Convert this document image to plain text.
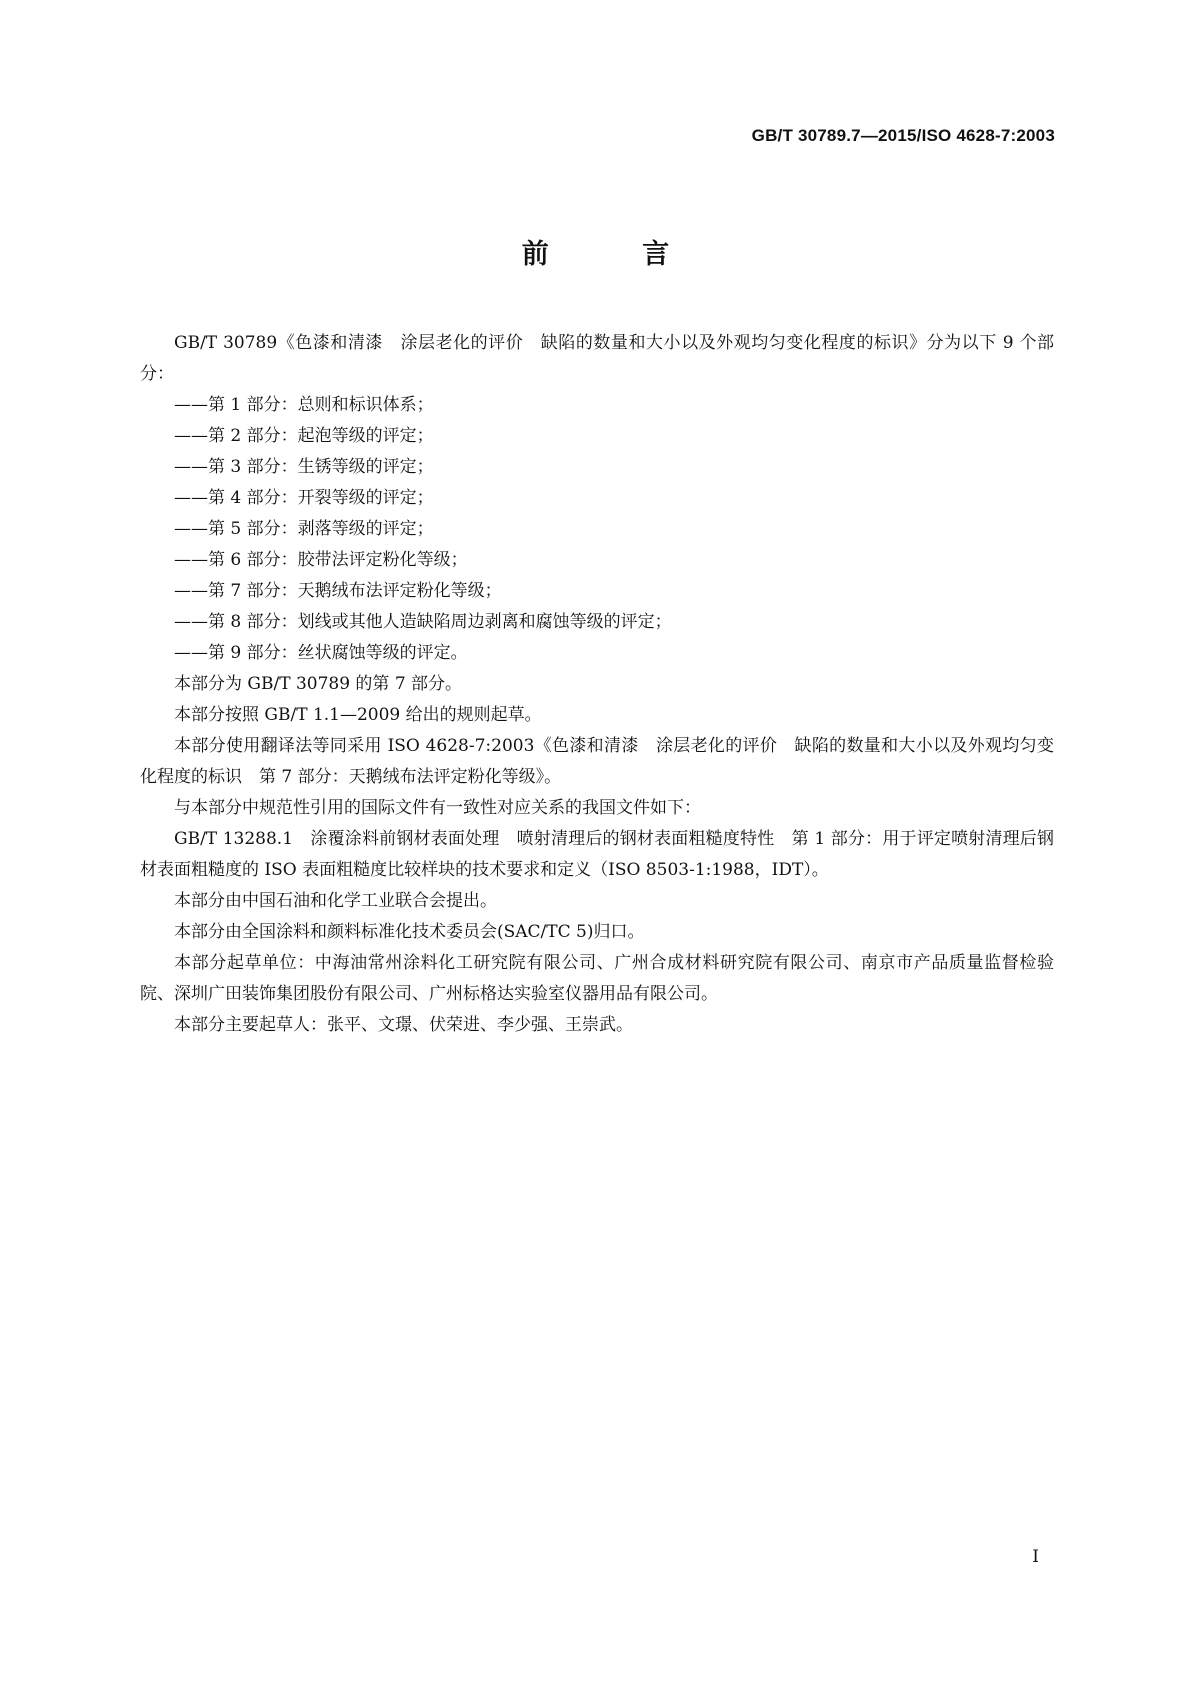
GB/T 30789.7—2015/ISO 4628-7:2003
前 言

GB/T 30789《色漆和清漆　涂层老化的评价　缺陷的数量和大小以及外观均匀变化程度的标识》分为以下 9 个部分：

——第 1 部分：总则和标识体系；

——第 2 部分：起泡等级的评定；

——第 3 部分：生锈等级的评定；

——第 4 部分：开裂等级的评定；

——第 5 部分：剥落等级的评定；

——第 6 部分：胶带法评定粉化等级；

——第 7 部分：天鹅绒布法评定粉化等级；

——第 8 部分：划线或其他人造缺陷周边剥离和腐蚀等级的评定；

——第 9 部分：丝状腐蚀等级的评定。

本部分为 GB/T 30789 的第 7 部分。

本部分按照 GB/T 1.1—2009 给出的规则起草。

本部分使用翻译法等同采用 ISO 4628-7:2003《色漆和清漆　涂层老化的评价　缺陷的数量和大小以及外观均匀变化程度的标识　第 7 部分：天鹅绒布法评定粉化等级》。

与本部分中规范性引用的国际文件有一致性对应关系的我国文件如下：

GB/T 13288.1　涂覆涂料前钢材表面处理　喷射清理后的钢材表面粗糙度特性　第 1 部分：用于评定喷射清理后钢材表面粗糙度的 ISO 表面粗糙度比较样块的技术要求和定义（ISO 8503-1:1988，IDT）。

本部分由中国石油和化学工业联合会提出。

本部分由全国涂料和颜料标准化技术委员会(SAC/TC 5)归口。

本部分起草单位：中海油常州涂料化工研究院有限公司、广州合成材料研究院有限公司、南京市产品质量监督检验院、深圳广田装饰集团股份有限公司、广州标格达实验室仪器用品有限公司。

本部分主要起草人：张平、文璟、伏荣进、李少强、王崇武。

I
